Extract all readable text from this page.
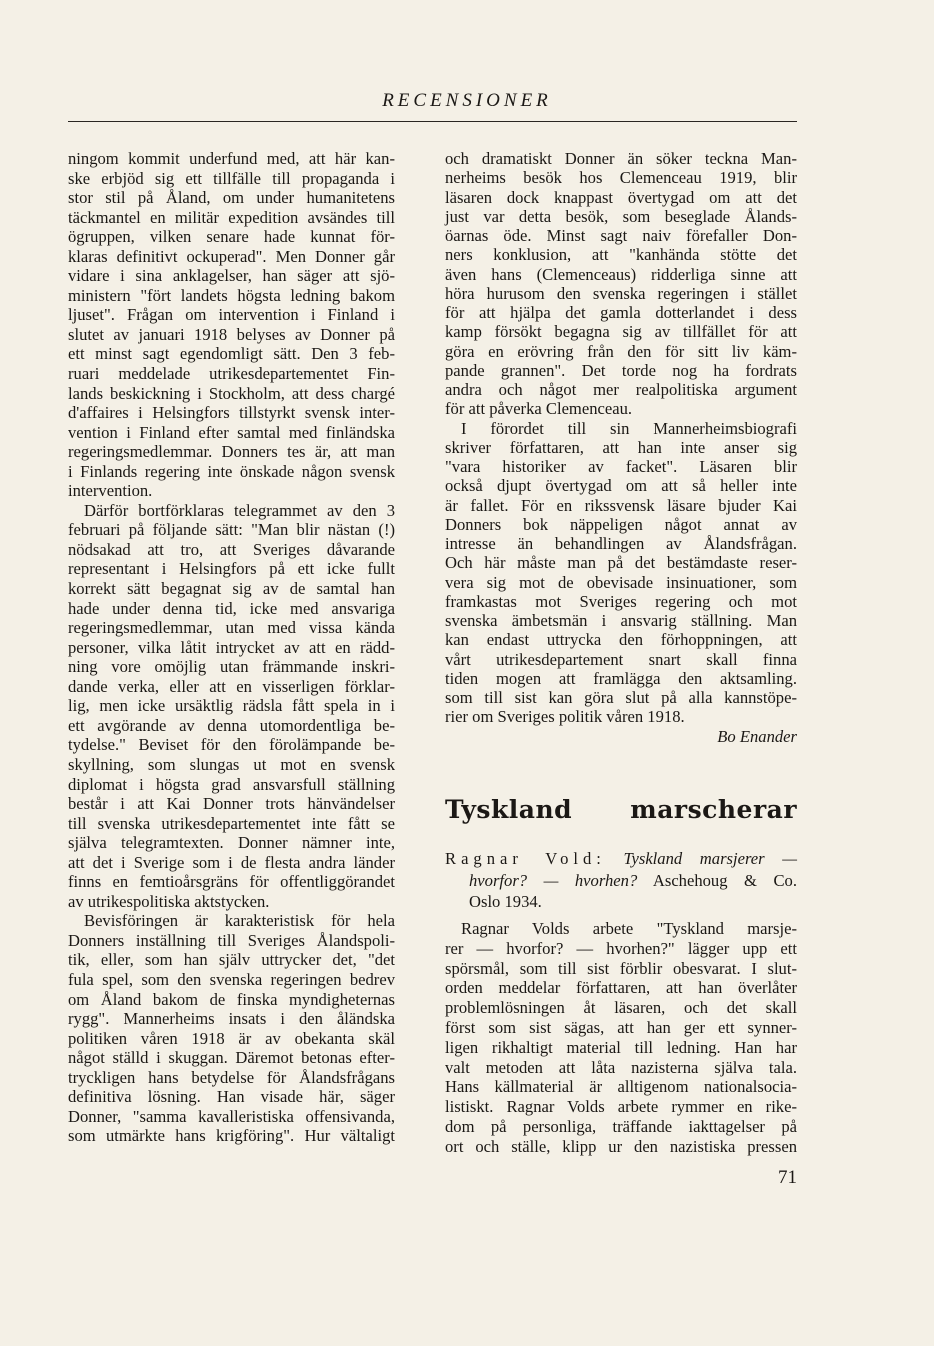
RECENSIONER
ningom kommit underfund med, att här kan-
ske erbjöd sig ett tillfälle till propaganda i
stor stil på Åland, om under humanitetens
täckmantel en militär expedition avsändes till
ögruppen, vilken senare hade kunnat för-
klaras definitivt ockuperad". Men Donner går
vidare i sina anklagelser, han säger att sjö-
ministern "fört landets högsta ledning bakom
ljuset". Frågan om intervention i Finland i
slutet av januari 1918 belyses av Donner på
ett minst sagt egendomligt sätt. Den 3 feb-
ruari meddelade utrikesdepartementet Fin-
lands beskickning i Stockholm, att dess chargé
d'affaires i Helsingfors tillstyrkt svensk inter-
vention i Finland efter samtal med finländska
regeringsmedlemmar. Donners tes är, att man
i Finlands regering inte önskade någon svensk
intervention.
Därför bortförklaras telegrammet av den 3
februari på följande sätt: "Man blir nästan (!)
nödsakad att tro, att Sveriges dåvarande
representant i Helsingfors på ett icke fullt
korrekt sätt begagnat sig av de samtal han
hade under denna tid, icke med ansvariga
regeringsmedlemmar, utan med vissa kända
personer, vilka låtit intrycket av att en rädd-
ning vore omöjlig utan främmande inskri-
dande verka, eller att en visserligen förklar-
lig, men icke ursäktlig rädsla fått spela in i
ett avgörande av denna utomordentliga be-
tydelse." Beviset för den förolämpande be-
skyllning, som slungas ut mot en svensk
diplomat i högsta grad ansvarsfull ställning
består i att Kai Donner trots hänvändelser
till svenska utrikesdepartementet inte fått se
själva telegramtexten. Donner nämner inte,
att det i Sverige som i de flesta andra länder
finns en femtioårsgräns för offentliggörandet
av utrikespolitiska aktstycken.
Bevisföringen är karakteristisk för hela
Donners inställning till Sveriges Ålandspoli-
tik, eller, som han själv uttrycker det, "det
fula spel, som den svenska regeringen bedrev
om Åland bakom de finska myndigheternas
rygg". Mannerheims insats i den åländska
politiken våren 1918 är av obekanta skäl
något ställd i skuggan. Däremot betonas efter-
tryckligen hans betydelse för Ålandsfrågans
definitiva lösning. Han visade här, säger
Donner, "samma kavalleristiska offensivanda,
som utmärkte hans krigföring". Hur vältaligt
och dramatiskt Donner än söker teckna Man-
nerheims besök hos Clemenceau 1919, blir
läsaren dock knappast övertygad om att det
just var detta besök, som beseglade Ålands-
öarnas öde. Minst sagt naiv förefaller Don-
ners konklusion, att "kanhända stötte det
även hans (Clemenceaus) ridderliga sinne att
höra hurusom den svenska regeringen i stället
för att hjälpa det gamla dotterlandet i dess
kamp försökt begagna sig av tillfället för att
göra en erövring från den för sitt liv käm-
pande grannen". Det torde nog ha fordrats
andra och något mer realpolitiska argument
för att påverka Clemenceau.
I förordet till sin Mannerheimsbiografi
skriver författaren, att han inte anser sig
"vara historiker av facket". Läsaren blir
också djupt övertygad om att så heller inte
är fallet. För en rikssvensk läsare bjuder Kai
Donners bok näppeligen något annat av
intresse än behandlingen av Ålandsfrågan.
Och här måste man på det bestämdaste reser-
vera sig mot de obevisade insinuationer, som
framkastas mot Sveriges regering och mot
svenska ämbetsmän i ansvarig ställning. Man
kan endast uttrycka den förhoppningen, att
vårt utrikesdepartement snart skall finna
tiden mogen att framlägga den aktsamling.
som till sist kan göra slut på alla kannstöpe-
rier om Sveriges politik våren 1918.
Bo Enander
Tyskland marscherar
Ragnar Vold: Tyskland marsjerer —
hvorfor? — hvorhen? Aschehoug & Co.
Oslo 1934.
Ragnar Volds arbete "Tyskland marsje-
rer — hvorfor? — hvorhen?" lägger upp ett
spörsmål, som till sist förblir obesvarat. I slut-
orden meddelar författaren, att han överlåter
problemlösningen åt läsaren, och det skall
först som sist sägas, att han ger ett synner-
ligen rikhaltigt material till ledning. Han har
valt metoden att låta nazisterna själva tala.
Hans källmaterial är alltigenom nationalsocia-
listiskt. Ragnar Volds arbete rymmer en rike-
dom på personliga, träffande iakttagelser på
ort och ställe, klipp ur den nazistiska pressen
71
